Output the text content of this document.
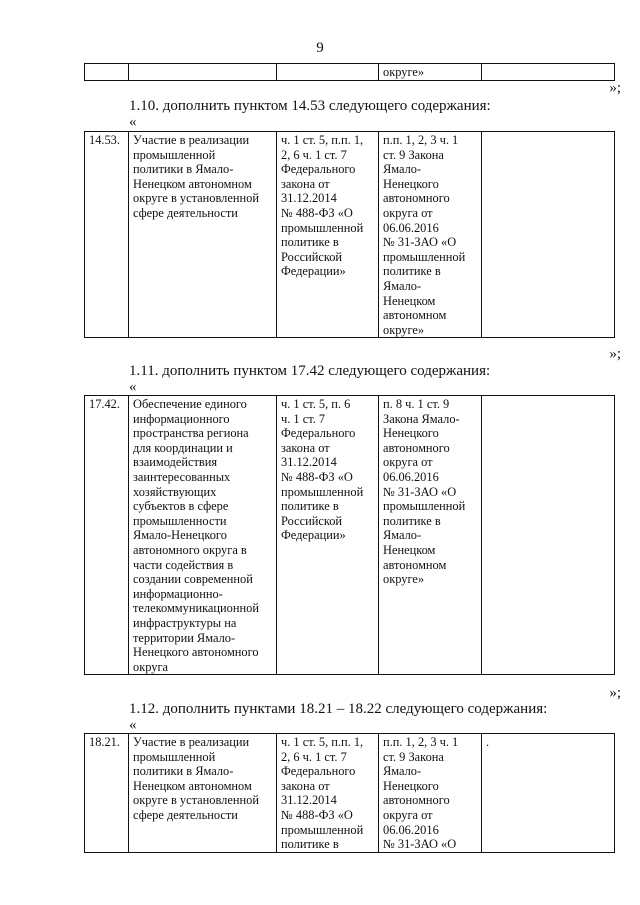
9
			округе»	
»;
1.10. дополнить пунктом 14.53 следующего содержания:
«
14.53.	Участие в реализации
промышленной
политики в Ямало-
Ненецком автономном
округе в установленной
сфере деятельности

ч. 1 ст. 5, п.п. 1,
2, 6 ч. 1 ст. 7
Федерального
закона от
31.12.2014
№ 488-ФЗ «О
промышленной
политике в
Российской
Федерации»

п.п. 1, 2, 3 ч. 1
ст. 9 Закона
Ямало-
Ненецкого
автономного
округа от
06.06.2016
№ 31-ЗАО «О
промышленной
политике в
Ямало-
Ненецком
автономном
округе»

»;
1.11. дополнить пунктом 17.42 следующего содержания:
«
17.42.	Обеспечение единого
информационного
пространства региона
для координации и
взаимодействия
заинтересованных
хозяйствующих
субъектов в сфере
промышленности
Ямало-Ненецкого
автономного округа в
части содействия в
создании современной
информационно-
телекоммуникационной
инфраструктуры на
территории Ямало-
Ненецкого автономного
округа

ч. 1 ст. 5, п. 6
ч. 1 ст. 7
Федерального
закона от
31.12.2014
№ 488-ФЗ «О
промышленной
политике в
Российской
Федерации»

п. 8 ч. 1 ст. 9
Закона Ямало-
Ненецкого
автономного
округа от
06.06.2016
№ 31-ЗАО «О
промышленной
политике в
Ямало-
Ненецком
автономном
округе»

»;
1.12. дополнить пунктами 18.21 – 18.22 следующего содержания:
«
18.21.	Участие в реализации
промышленной
политики в Ямало-
Ненецком автономном
округе в установленной
сфере деятельности

ч. 1 ст. 5, п.п. 1,
2, 6 ч. 1 ст. 7
Федерального
закона от
31.12.2014
№ 488-ФЗ «О
промышленной
политике в

п.п. 1, 2, 3 ч. 1
ст. 9 Закона
Ямало-
Ненецкого
автономного
округа от
06.06.2016
№ 31-ЗАО «О
	.
